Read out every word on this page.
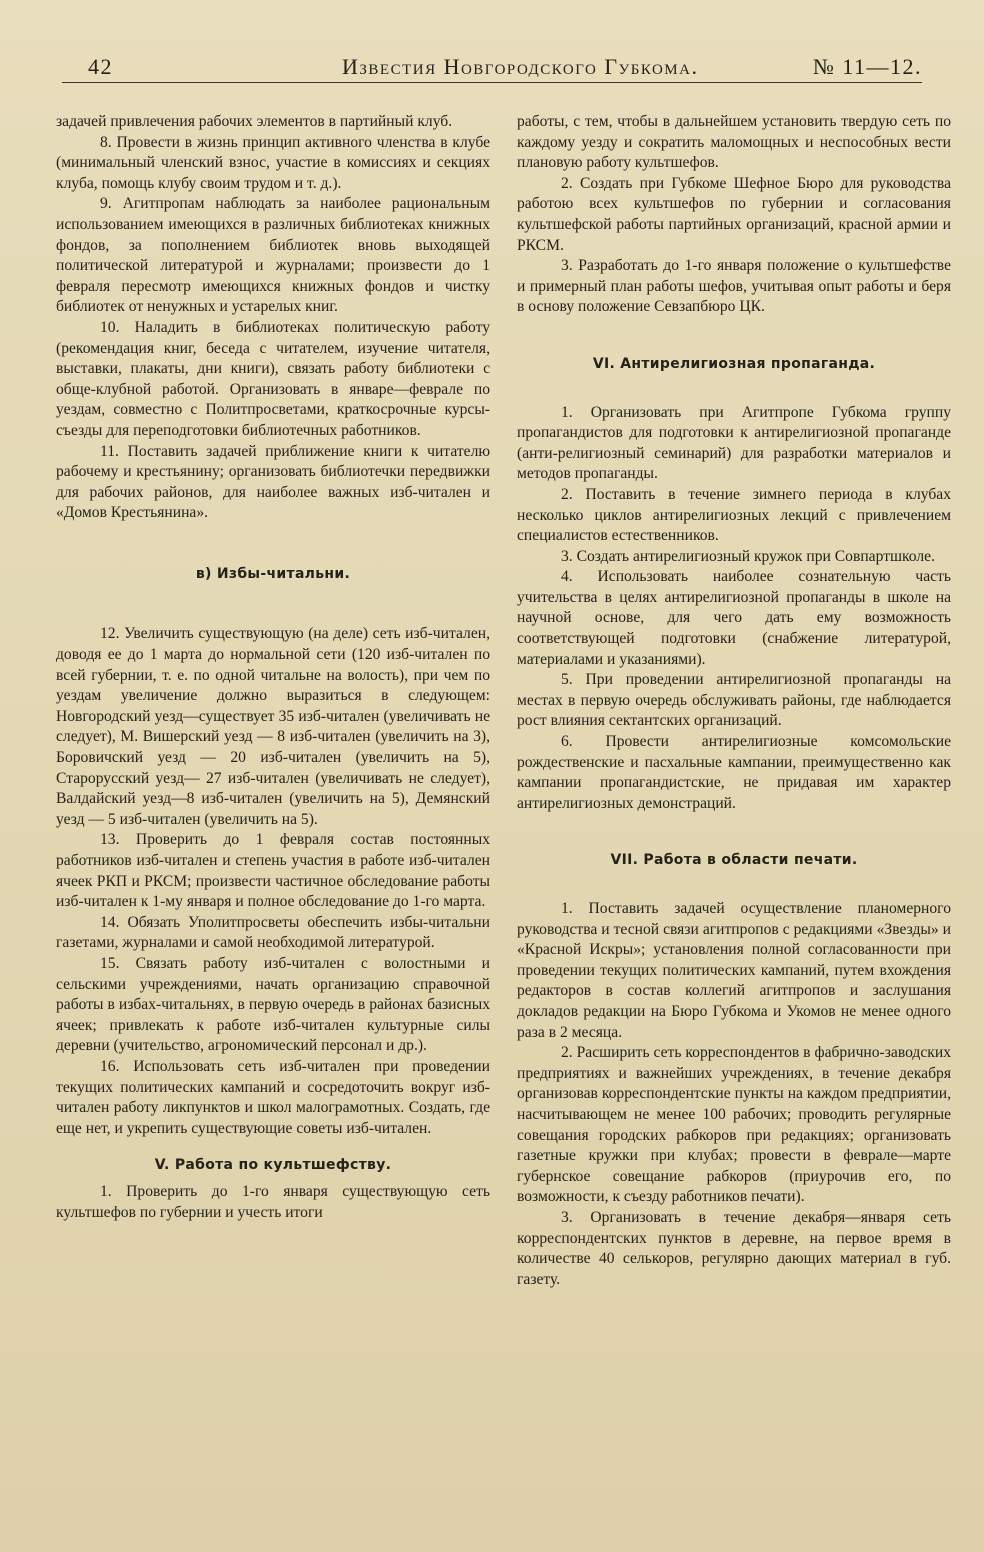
42	Известия Новгородского Губкома.	№ 11—12.

задачей привлечения рабочих элементов в партийный клуб.

8. Провести в жизнь принцип активного членства в клубе (минимальный членский взнос, участие в комиссиях и секциях клуба, помощь клубу своим трудом и т. д.).

9. Агитпропам наблюдать за наиболее рациональным использованием имеющихся в различных библиотеках книжных фондов, за пополнением библиотек вновь выходящей политической литературой и журналами; произвести до 1 февраля пересмотр имеющихся книжных фондов и чистку библиотек от ненужных и устарелых книг.

10. Наладить в библиотеках политическую работу (рекомендация книг, беседа с читателем, изучение читателя, выставки, плакаты, дни книги), связать работу библиотеки с обще-клубной работой. Организовать в январе—феврале по уездам, совместно с Политпросветами, краткосрочные курсы-съезды для переподготовки библиотечных работников.

11. Поставить задачей приближение книги к читателю рабочему и крестьянину; организовать библиотечки передвижки для рабочих районов, для наиболее важных изб-читален и «Домов Крестьянина».

в) Избы-читальни.

12. Увеличить существующую (на деле) сеть изб-читален, доводя ее до 1 марта до нормальной сети (120 изб-читален по всей губернии, т. е. по одной читальне на волость), при чем по уездам увеличение должно выразиться в следующем: Новгородский уезд—существует 35 изб-читален (увеличивать не следует), М. Вишерский уезд — 8 изб-читален (увеличить на 3), Боровичский уезд — 20 изб-читален (увеличить на 5), Старорусский уезд— 27 изб-читален (увеличивать не следует), Валдайский уезд—8 изб-читален (увеличить на 5), Демянский уезд — 5 изб-читален (увеличить на 5).

13. Проверить до 1 февраля состав постоянных работников изб-читален и степень участия в работе изб-читален ячеек РКП и РКСМ; произвести частичное обследование работы изб-читален к 1-му января и полное обследование до 1-го марта.

14. Обязать Уполитпросветы обеспечить избы-читальни газетами, журналами и самой необходимой литературой.

15. Связать работу изб-читален с волостными и сельскими учреждениями, начать организацию справочной работы в избах-читальнях, в первую очередь в районах базисных ячеек; привлекать к работе изб-читален культурные силы деревни (учительство, агрономический персонал и др.).

16. Использовать сеть изб-читален при проведении текущих политических кампаний и сосредоточить вокруг изб-читален работу ликпунктов и школ малограмотных. Создать, где еще нет, и укрепить существующие советы изб-читален.

V. Работа по культшефству.

1. Проверить до 1-го января существующую сеть культшефов по губернии и учесть итоги

работы, с тем, чтобы в дальнейшем установить твердую сеть по каждому уезду и сократить маломощных и неспособных вести плановую работу культшефов.

2. Создать при Губкоме Шефное Бюро для руководства работою всех культшефов по губернии и согласования культшефской работы партийных организаций, красной армии и РКСМ.

3. Разработать до 1-го января положение о культшефстве и примерный план работы шефов, учитывая опыт работы и беря в основу положение Севзапбюро ЦК.

VI. Антирелигиозная пропаганда.

1. Организовать при Агитпропе Губкома группу пропагандистов для подготовки к антирелигиозной пропаганде (анти-религиозный семинарий) для разработки материалов и методов пропаганды.

2. Поставить в течение зимнего периода в клубах несколько циклов антирелигиозных лекций с привлечением специалистов естественников.

3. Создать антирелигиозный кружок при Совпартшколе.

4. Использовать наиболее сознательную часть учительства в целях антирелигиозной пропаганды в школе на научной основе, для чего дать ему возможность соответствующей подготовки (снабжение литературой, материалами и указаниями).

5. При проведении антирелигиозной пропаганды на местах в первую очередь обслуживать районы, где наблюдается рост влияния сектантских организаций.

6. Провести антирелигиозные комсомольские рождественские и пасхальные кампании, преимущественно как кампании пропагандистские, не придавая им характер антирелигиозных демонстраций.

VII. Работа в области печати.

1. Поставить задачей осуществление планомерного руководства и тесной связи агитпропов с редакциями «Звезды» и «Красной Искры»; установления полной согласованности при проведении текущих политических кампаний, путем вхождения редакторов в состав коллегий агитпропов и заслушания докладов редакции на Бюро Губкома и Укомов не менее одного раза в 2 месяца.

2. Расширить сеть корреспондентов в фабрично-заводских предприятиях и важнейших учреждениях, в течение декабря организовав корреспондентские пункты на каждом предприятии, насчитывающем не менее 100 рабочих; проводить регулярные совещания городских рабкоров при редакциях; организовать газетные кружки при клубах; провести в феврале—марте губернское совещание рабкоров (приурочив его, по возможности, к съезду работников печати).

3. Организовать в течение декабря—января сеть корреспондентских пунктов в деревне, на первое время в количестве 40 селькоров, регулярно дающих материал в губ. газету.
